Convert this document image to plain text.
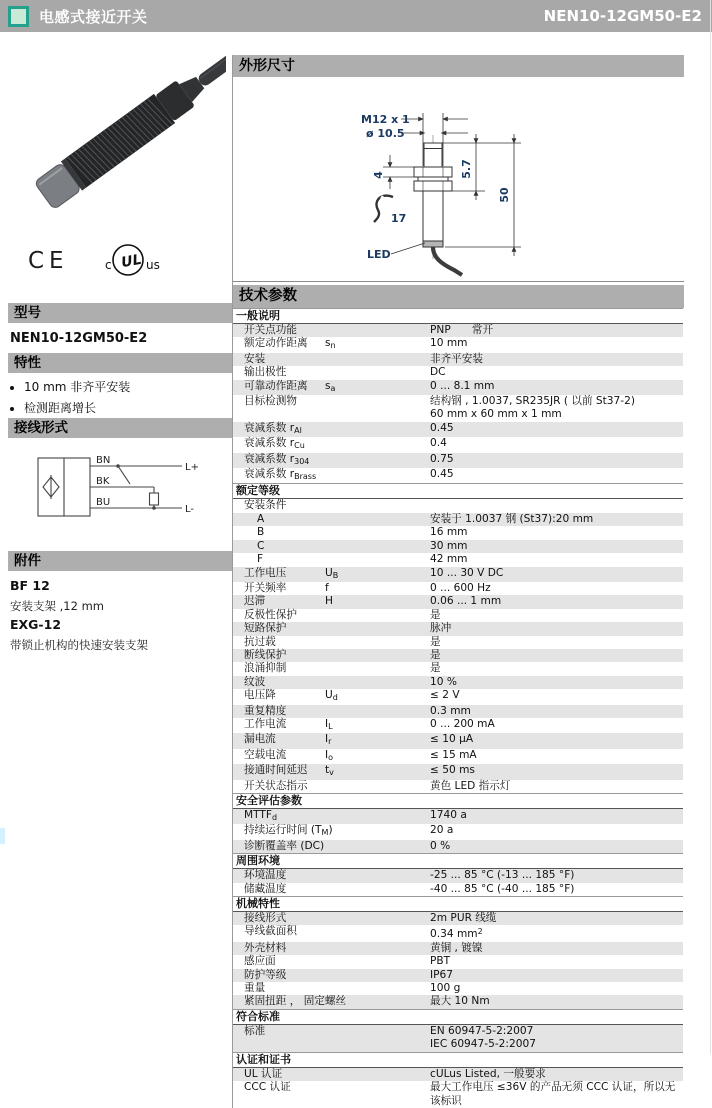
电感式接近开关	NEN10-12GM50-E2
CE	c UL us
型号
NEN10-12GM50-E2
特性
• 10 mm 非齐平安装
• 检测距离增长
接线形式
BN
BK
BU
L+
L-
附件
BF 12
安装支架 ,12 mm
EXG-12
带锁止机构的快速安装支架
外形尺寸
M12 x 1
ø 10.5
4	5.7
50
17
LED
技术参数
一般说明
开关点功能	PNP　　常开
额定动作距离	$s_n$	10 mm
安装	非齐平安装
输出极性	DC
可靠动作距离	$s_a$	0 ... 8.1 mm
目标检测物	结构钢 , 1.0037, SR235JR ( 以前 St37-2)
60 mm x 60 mm x 1 mm
衰减系数 $r_{Al}$	0.45
衰减系数 $r_{Cu}$	0.4
衰减系数 $r_{304}$	0.75
衰减系数 $r_{Brass}$	0.45
额定等级
安装条件
A	安装于 1.0037 钢 (St37):20 mm
B	16 mm
C	30 mm
F	42 mm
工作电压	$U_B$	10 ... 30 V DC
开关频率	f	0 ... 600 Hz
迟滞	H	0.06 ... 1 mm
反极性保护	是
短路保护	脉冲
抗过载	是
断线保护	是
浪涌抑制	是
纹波	10 %
电压降	$U_d$	≤ 2 V
重复精度	0.3 mm
工作电流	$I_L$	0 ... 200 mA
漏电流	$I_r$	≤ 10 μA
空载电流	$I_o$	≤ 15 mA
接通时间延迟	$t_v$	≤ 50 ms
开关状态指示	黄色 LED 指示灯
安全评估参数
$MTTF_d$	1740 a
持续运行时间 $(T_M)$	20 a
诊断覆盖率 (DC)	0 %
周围环境
环境温度	-25 ... 85 °C (-13 ... 185 °F)
储藏温度	-40 ... 85 °C (-40 ... 185 °F)
机械特性
接线形式	2m PUR 线缆
导线截面积	0.34 $mm^2$
外壳材料	黄铜 , 镀镍
感应面	PBT
防护等级	IP67
重量	100 g
紧固扭距 ， 固定螺丝	最大 10 Nm
符合标准
标准	EN 60947-5-2:2007
IEC 60947-5-2:2007
认证和证书
UL 认证	cULus Listed, 一般要求
CCC 认证	最大工作电压 ≤36V 的产品无须 CCC 认证，所以无该标识
